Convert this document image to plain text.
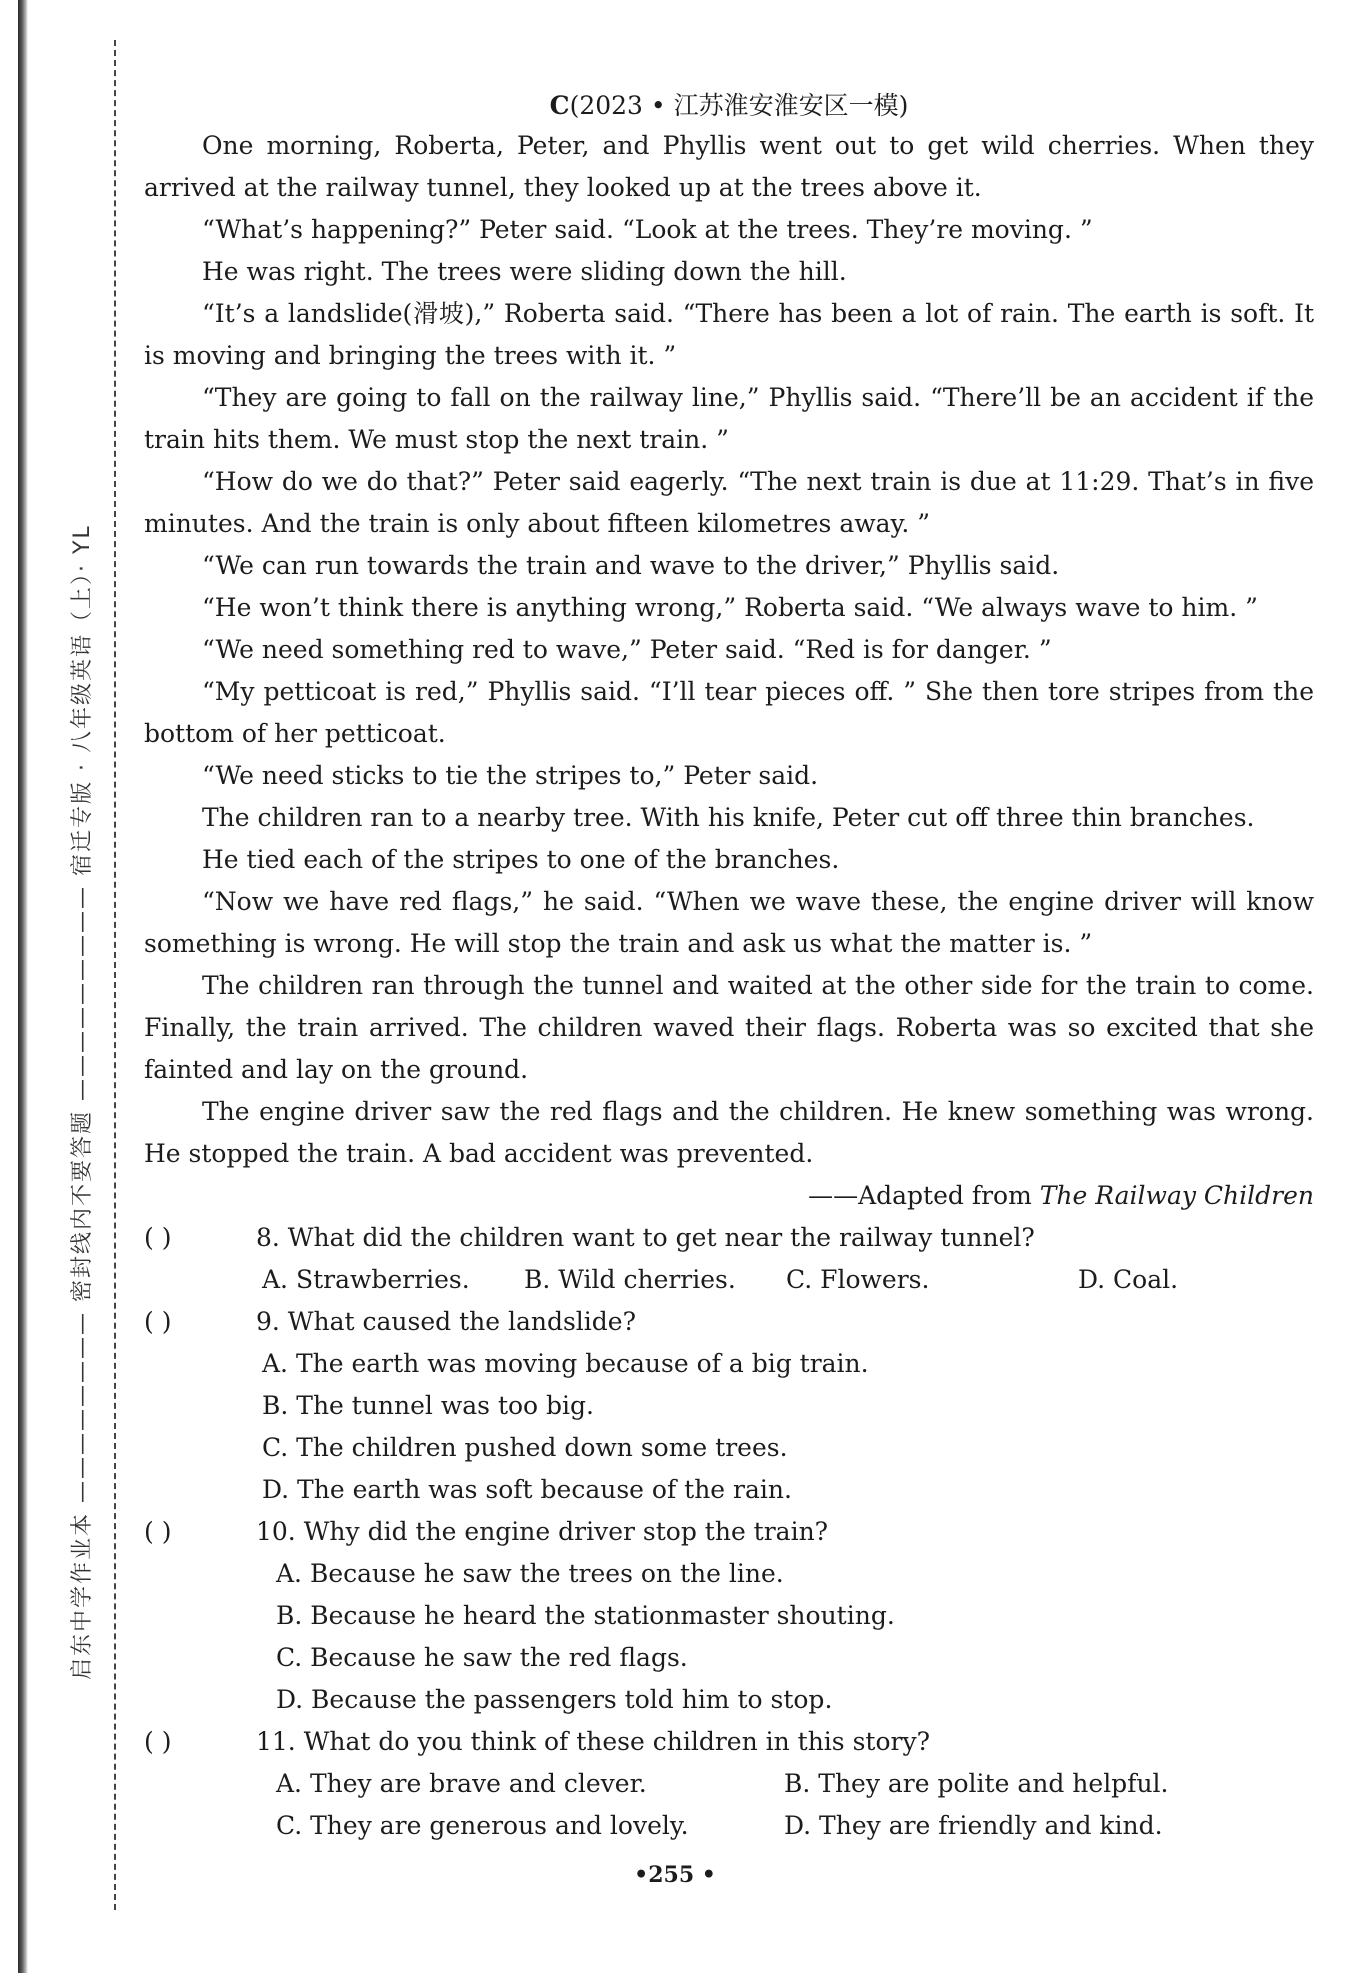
启东中学作业本 ———————— 密封线内不要答题 ————————— 宿迁专版 · 八年级英语（上）· YL
C(2023 • 江苏淮安淮安区一模)

One morning, Roberta, Peter, and Phyllis went out to get wild cherries. When they arrived at the railway tunnel, they looked up at the trees above it.

“What’s happening?” Peter said. “Look at the trees. They’re moving. ”

He was right. The trees were sliding down the hill.

“It’s a landslide(滑坡),” Roberta said. “There has been a lot of rain. The earth is soft. It is moving and bringing the trees with it. ”

“They are going to fall on the railway line,” Phyllis said. “There’ll be an accident if the train hits them. We must stop the next train. ”

“How do we do that?” Peter said eagerly. “The next train is due at 11:29. That’s in five minutes. And the train is only about fifteen kilometres away. ”

“We can run towards the train and wave to the driver,” Phyllis said.

“He won’t think there is anything wrong,” Roberta said. “We always wave to him. ”

“We need something red to wave,” Peter said. “Red is for danger. ”

“My petticoat is red,” Phyllis said. “I’ll tear pieces off. ” She then tore stripes from the bottom of her petticoat.

“We need sticks to tie the stripes to,” Peter said.

The children ran to a nearby tree. With his knife, Peter cut off three thin branches.

He tied each of the stripes to one of the branches.

“Now we have red flags,” he said. “When we wave these, the engine driver will know something is wrong. He will stop the train and ask us what the matter is. ”

The children ran through the tunnel and waited at the other side for the train to come. Finally, the train arrived. The children waved their flags. Roberta was so excited that she fainted and lay on the ground.

The engine driver saw the red flags and the children. He knew something was wrong. He stopped the train. A bad accident was prevented.

——Adapted from The Railway Children

( )	8. What did the children want to get near the railway tunnel?

A. Strawberries.	B. Wild cherries.	C. Flowers.	D. Coal.

( )	9. What caused the landslide?

A. The earth was moving because of a big train.
B. The tunnel was too big.
C. The children pushed down some trees.
D. The earth was soft because of the rain.

( )	10. Why did the engine driver stop the train?

A. Because he saw the trees on the line.
B. Because he heard the stationmaster shouting.
C. Because he saw the red flags.
D. Because the passengers told him to stop.

( )	11. What do you think of these children in this story?

A. They are brave and clever.	B. They are polite and helpful.
C. They are generous and lovely.	D. They are friendly and kind.
•255 •
